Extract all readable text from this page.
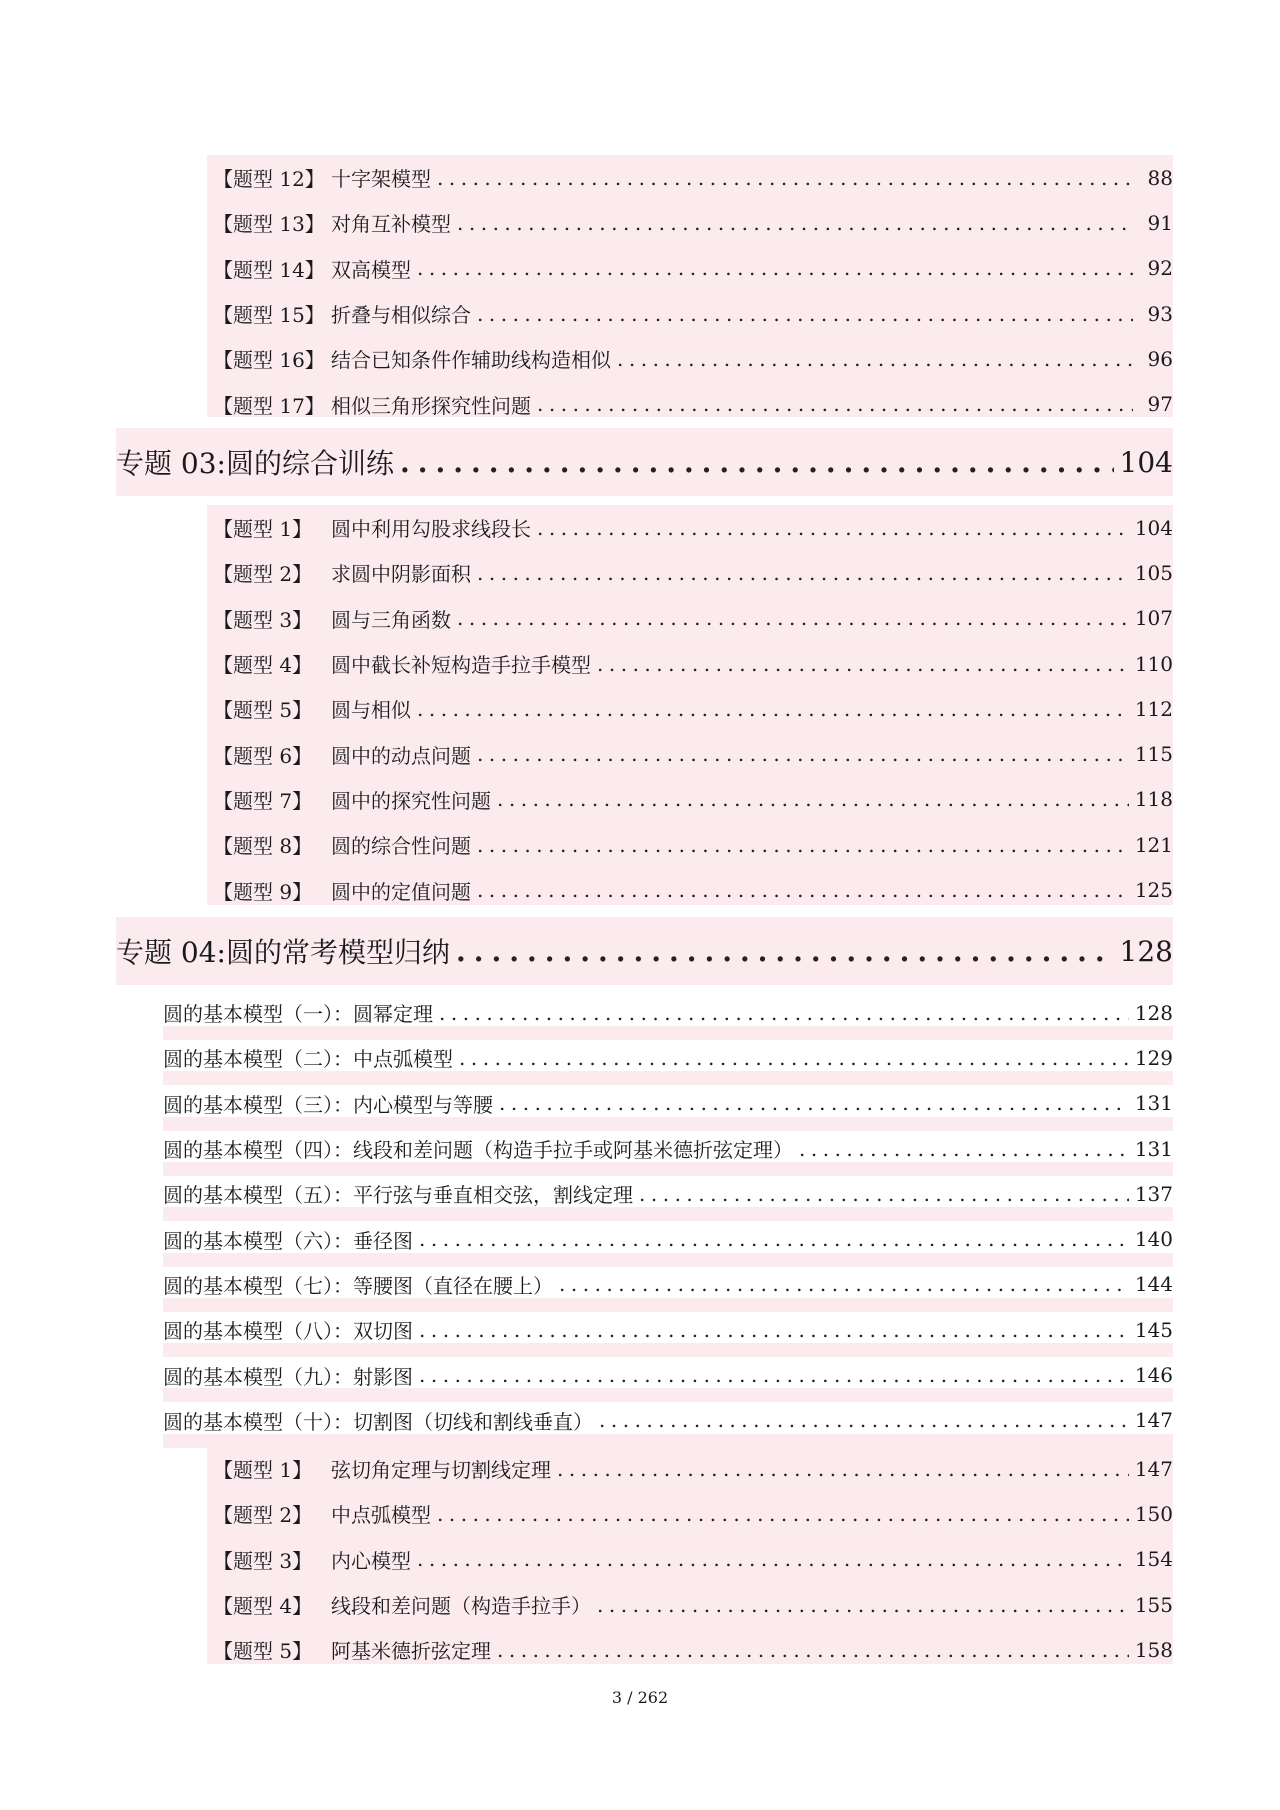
【题型 12】 十字架模型 .....	88
【题型 13】 对角互补模型 .....	91
【题型 14】 双高模型 .....	92
【题型 15】 折叠与相似综合 .....	93
【题型 16】 结合已知条件作辅助线构造相似 .....	96
【题型 17】 相似三角形探究性问题 .....	97
专题 03:圆的综合训练 .....	104
【题型 1】 圆中利用勾股求线段长 .....	104
【题型 2】 求圆中阴影面积 .....	105
【题型 3】 圆与三角函数 .....	107
【题型 4】 圆中截长补短构造手拉手模型 .....	110
【题型 5】 圆与相似 .....	112
【题型 6】 圆中的动点问题 .....	115
【题型 7】 圆中的探究性问题 .....	118
【题型 8】 圆的综合性问题 .....	121
【题型 9】 圆中的定值问题 .....	125
专题 04:圆的常考模型归纳 .....	128
圆的基本模型（一）：圆幂定理 .....	128
圆的基本模型（二）：中点弧模型 .....	129
圆的基本模型（三）：内心模型与等腰 .....	131
圆的基本模型（四）：线段和差问题（构造手拉手或阿基米德折弦定理） .....	131
圆的基本模型（五）：平行弦与垂直相交弦，割线定理 .....	137
圆的基本模型（六）：垂径图 .....	140
圆的基本模型（七）：等腰图（直径在腰上） .....	144
圆的基本模型（八）：双切图 .....	145
圆的基本模型（九）：射影图 .....	146
圆的基本模型（十）：切割图（切线和割线垂直） .....	147
【题型 1】 弦切角定理与切割线定理 .....	147
【题型 2】 中点弧模型 .....	150
【题型 3】 内心模型 .....	154
【题型 4】 线段和差问题（构造手拉手） .....	155
【题型 5】 阿基米德折弦定理 .....	158
3 / 262
